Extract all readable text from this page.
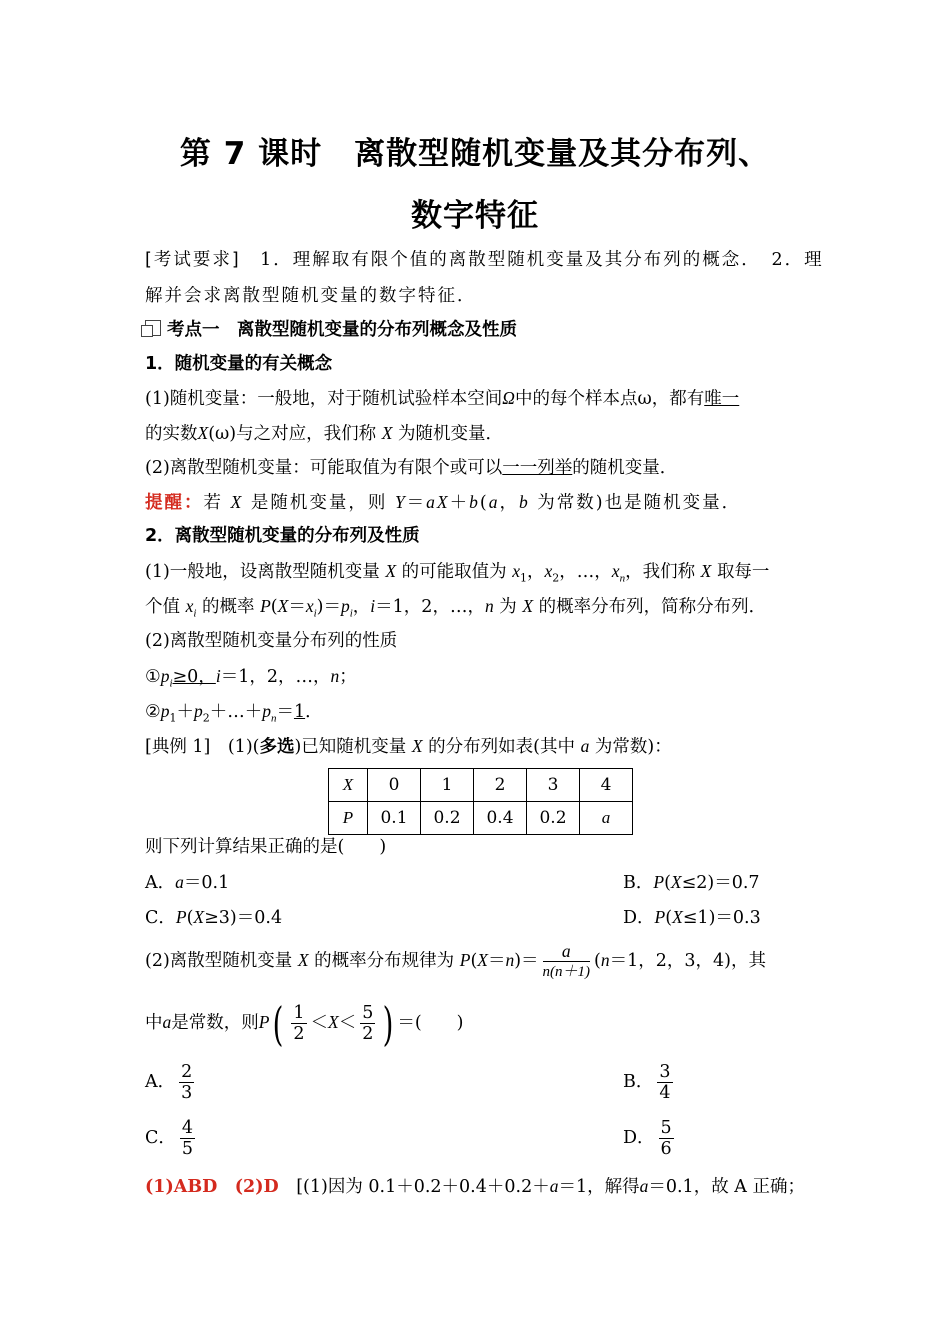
第 7 课时　离散型随机变量及其分布列、
数字特征
[考试要求]　1．理解取有限个值的离散型随机变量及其分布列的概念．　2．理
解并会求离散型随机变量的数字特征．
考点一　离散型随机变量的分布列概念及性质
1．随机变量的有关概念
(1)随机变量：一般地，对于随机试验样本空间Ω中的每个样本点ω，都有唯一
的实数X(ω)与之对应，我们称 X 为随机变量．
(2)离散型随机变量：可能取值为有限个或可以一一列举的随机变量．
提醒：若 X 是随机变量，则 Y＝aX＋b(a，b 为常数)也是随机变量．
2．离散型随机变量的分布列及性质
(1)一般地，设离散型随机变量 X 的可能取值为 $x_1$，$x_2$，…，$x_n$，我们称 X 取每一
个值 $x_i$ 的概率 $P(X=x_i)=p_i$，i＝1，2，…，n 为 X 的概率分布列，简称分布列．
(2)离散型随机变量分布列的性质
$①p_i\ge 0$，i＝1，2，…，n；
$②p_1+p_2+\dots+p_n=1$．
[典例 1]　(1)(多选)已知随机变量 X 的分布列如表(其中 a 为常数)：
X	0	1	2	3	4
P	0.1	0.2	0.4	0.2	a
则下列计算结果正确的是(　　)
A．a＝0.1	B．P(X≤2)＝0.7
C．P(X≥3)＝0.4	D．P(X≤1)＝0.3
(2)离散型随机变量 X 的概率分布规律为 $P(X=n)= \frac{a}{n(n+1)} (n=1$，2，3，4)，其
中a是常数，则$P( \frac{1}{2} <X< \frac{5}{2}$ ) ＝(　　)
A． $\frac{2}{3}$	B． $\frac{3}{4}$
C． $\frac{4}{5}$	D． $\frac{5}{6}$
(1)ABD　(2)D　[(1)因为 0.1＋0.2＋0.4＋0.2＋a＝1，解得a＝0.1，故 A 正确；
